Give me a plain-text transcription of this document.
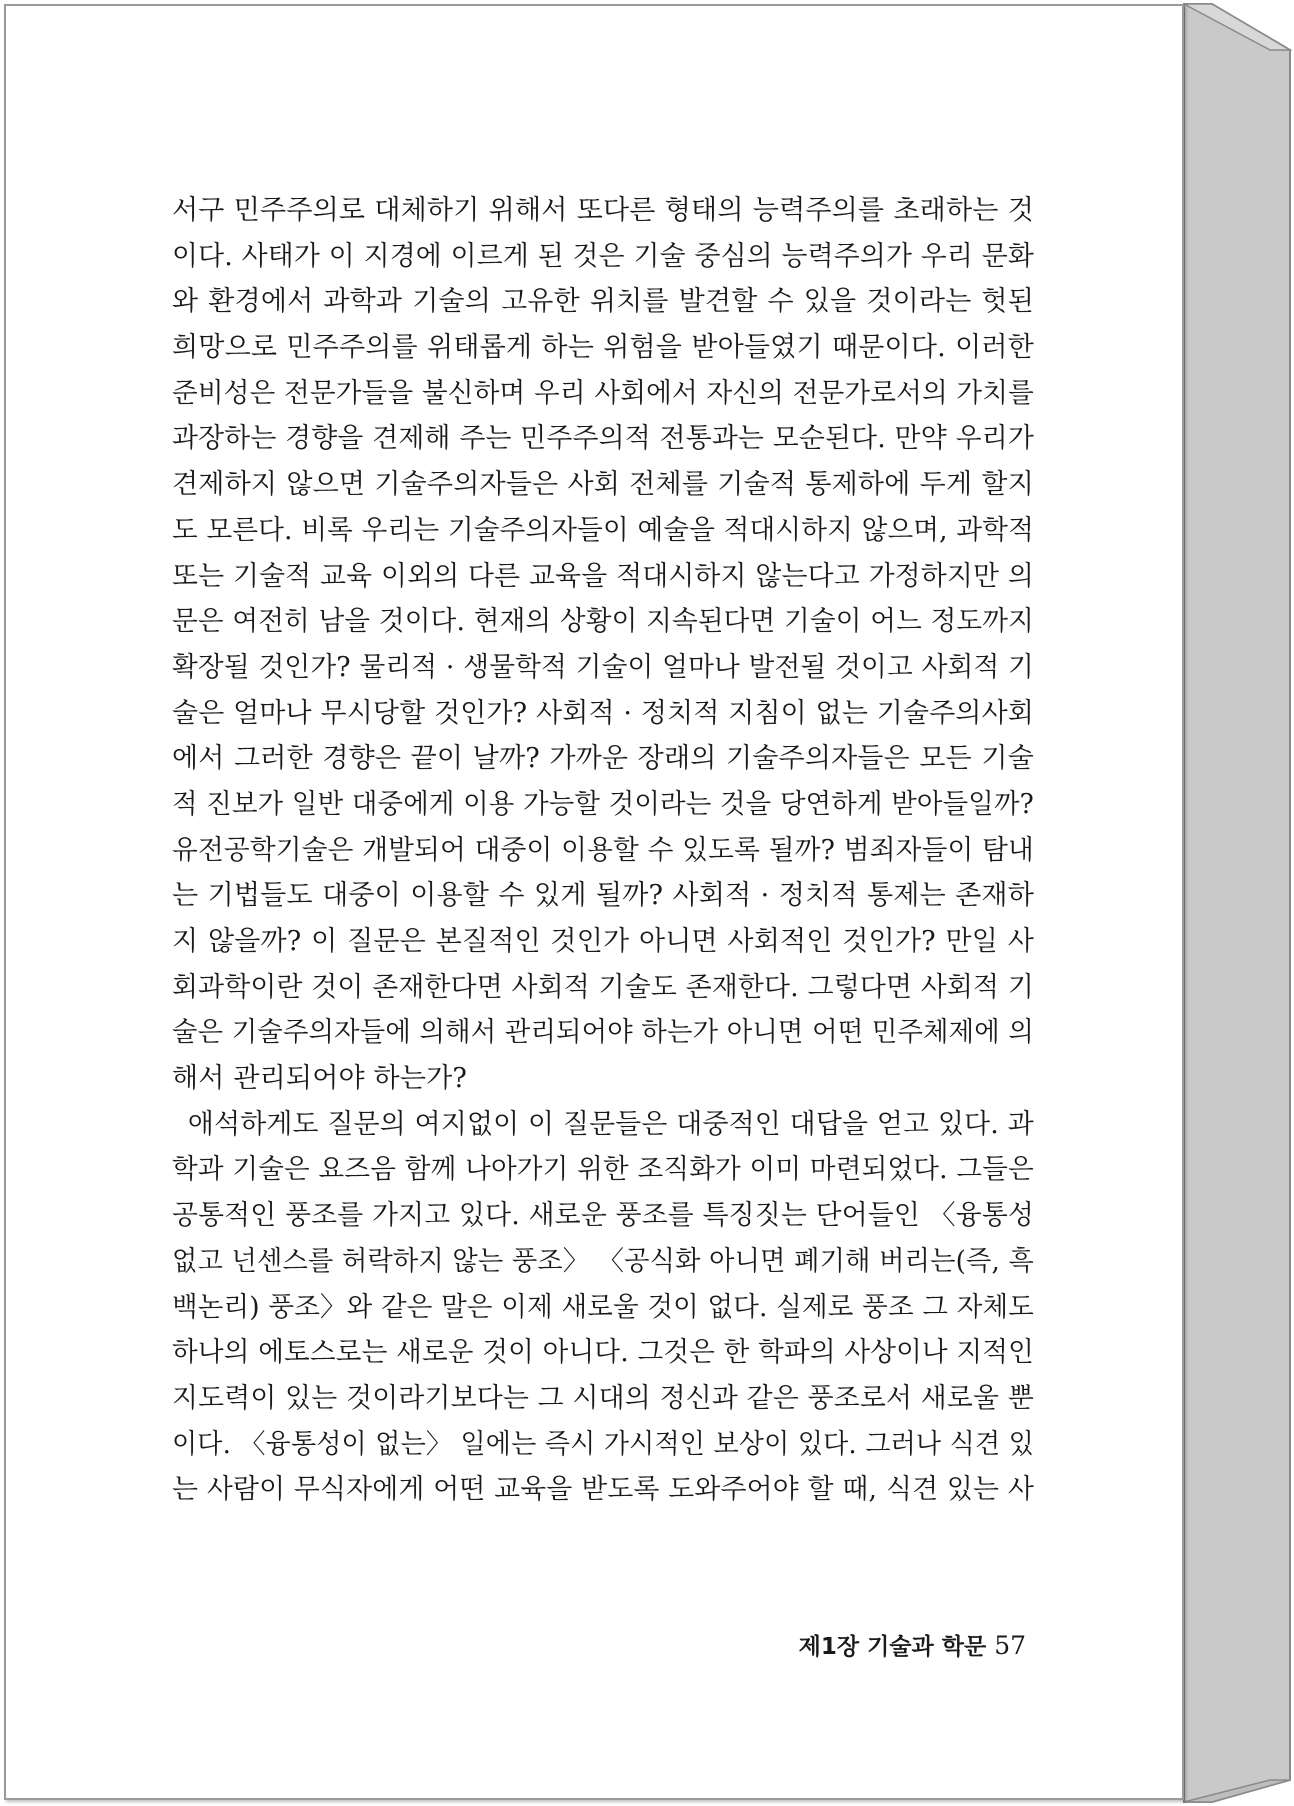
서구 민주주의로 대체하기 위해서 또다른 형태의 능력주의를 초래하는 것
이다. 사태가 이 지경에 이르게 된 것은 기술 중심의 능력주의가 우리 문화
와 환경에서 과학과 기술의 고유한 위치를 발견할 수 있을 것이라는 헛된
희망으로 민주주의를 위태롭게 하는 위험을 받아들였기 때문이다. 이러한
준비성은 전문가들을 불신하며 우리 사회에서 자신의 전문가로서의 가치를
과장하는 경향을 견제해 주는 민주주의적 전통과는 모순된다. 만약 우리가
견제하지 않으면 기술주의자들은 사회 전체를 기술적 통제하에 두게 할지
도 모른다. 비록 우리는 기술주의자들이 예술을 적대시하지 않으며, 과학적
또는 기술적 교육 이외의 다른 교육을 적대시하지 않는다고 가정하지만 의
문은 여전히 남을 것이다. 현재의 상황이 지속된다면 기술이 어느 정도까지
확장될 것인가? 물리적 · 생물학적 기술이 얼마나 발전될 것이고 사회적 기
술은 얼마나 무시당할 것인가? 사회적 · 정치적 지침이 없는 기술주의사회
에서 그러한 경향은 끝이 날까? 가까운 장래의 기술주의자들은 모든 기술
적 진보가 일반 대중에게 이용 가능할 것이라는 것을 당연하게 받아들일까?
유전공학기술은 개발되어 대중이 이용할 수 있도록 될까? 범죄자들이 탐내
는 기법들도 대중이 이용할 수 있게 될까? 사회적 · 정치적 통제는 존재하
지 않을까? 이 질문은 본질적인 것인가 아니면 사회적인 것인가? 만일 사
회과학이란 것이 존재한다면 사회적 기술도 존재한다. 그렇다면 사회적 기
술은 기술주의자들에 의해서 관리되어야 하는가 아니면 어떤 민주체제에 의
해서 관리되어야 하는가?
애석하게도 질문의 여지없이 이 질문들은 대중적인 대답을 얻고 있다. 과
학과 기술은 요즈음 함께 나아가기 위한 조직화가 이미 마련되었다. 그들은
공통적인 풍조를 가지고 있다. 새로운 풍조를 특징짓는 단어들인 〈융통성
없고 넌센스를 허락하지 않는 풍조〉 〈공식화 아니면 폐기해 버리는(즉, 흑
백논리) 풍조〉와 같은 말은 이제 새로울 것이 없다. 실제로 풍조 그 자체도
하나의 에토스로는 새로운 것이 아니다. 그것은 한 학파의 사상이나 지적인
지도력이 있는 것이라기보다는 그 시대의 정신과 같은 풍조로서 새로울 뿐
이다. 〈융통성이 없는〉 일에는 즉시 가시적인 보상이 있다. 그러나 식견 있
는 사람이 무식자에게 어떤 교육을 받도록 도와주어야 할 때, 식견 있는 사
제1장 기술과 학문 57
